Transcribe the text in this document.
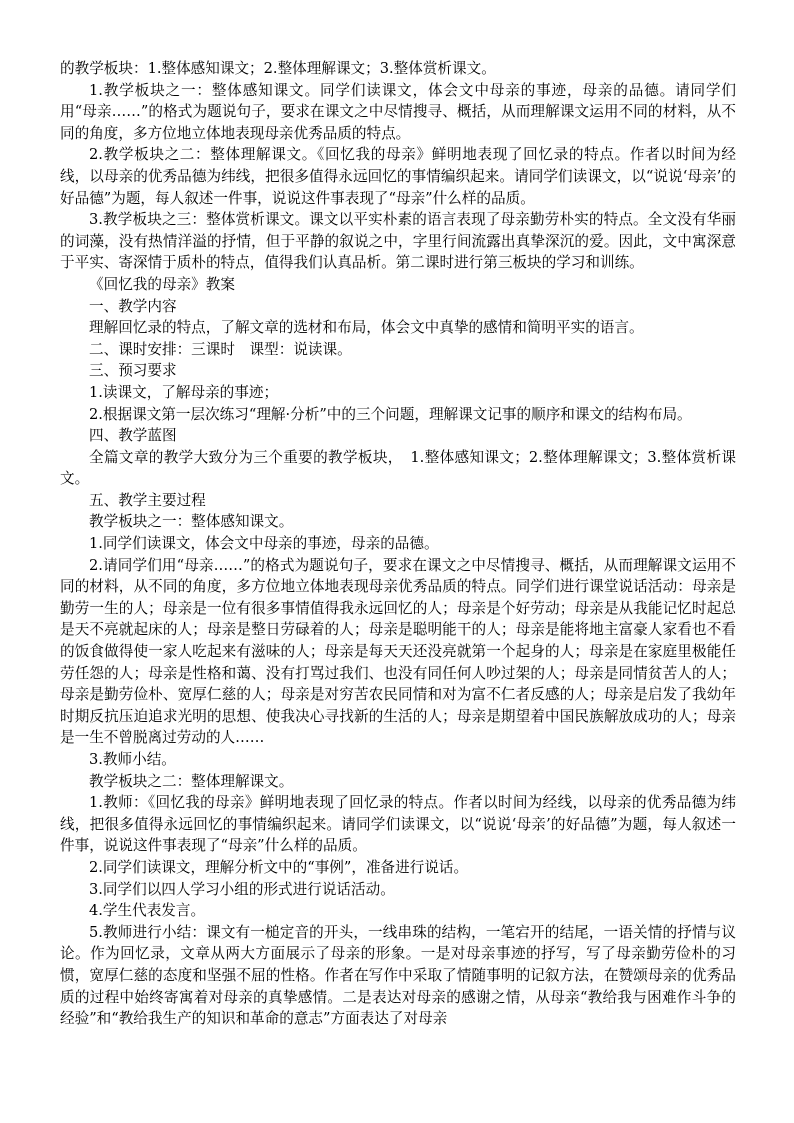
的教学板块：1.整体感知课文；2.整体理解课文；3.整体赏析课文。

1.教学板块之一：整体感知课文。同学们读课文，体会文中母亲的事迹，母亲的品德。请同学们用“母亲……”的格式为题说句子，要求在课文之中尽情搜寻、概括，从而理解课文运用不同的材料，从不同的角度，多方位地立体地表现母亲优秀品质的特点。

2.教学板块之二：整体理解课文。《回忆我的母亲》鲜明地表现了回忆录的特点。作者以时间为经线，以母亲的优秀品德为纬线，把很多值得永远回忆的事情编织起来。请同学们读课文，以“说说‘母亲’的好品德”为题，每人叙述一件事，说说这件事表现了“母亲”什么样的品质。

3.教学板块之三：整体赏析课文。课文以平实朴素的语言表现了母亲勤劳朴实的特点。全文没有华丽的词藻，没有热情洋溢的抒情，但于平静的叙说之中，字里行间流露出真挚深沉的爱。因此，文中寓深意于平实、寄深情于质朴的特点，值得我们认真品析。第二课时进行第三板块的学习和训练。

《回忆我的母亲》教案

一、教学内容

理解回忆录的特点，了解文章的选材和布局，体会文中真挚的感情和简明平实的语言。

二、课时安排：三课时　课型：说读课。

三、预习要求

1.读课文，了解母亲的事迹；

2.根据课文第一层次练习“理解·分析”中的三个问题，理解课文记事的顺序和课文的结构布局。

四、教学蓝图

全篇文章的教学大致分为三个重要的教学板块，　1.整体感知课文；2.整体理解课文；3.整体赏析课文。

五、教学主要过程

教学板块之一：整体感知课文。

1.同学们读课文，体会文中母亲的事迹，母亲的品德。

2.请同学们用“母亲……”的格式为题说句子，要求在课文之中尽情搜寻、概括，从而理解课文运用不同的材料，从不同的角度，多方位地立体地表现母亲优秀品质的特点。同学们进行课堂说话活动：母亲是勤劳一生的人；母亲是一位有很多事情值得我永远回忆的人；母亲是个好劳动；母亲是从我能记忆时起总是天不亮就起床的人；母亲是整日劳碌着的人；母亲是聪明能干的人；母亲是能将地主富豪人家看也不看的饭食做得使一家人吃起来有滋味的人；母亲是每天天还没亮就第一个起身的人；母亲是在家庭里极能任劳任怨的人；母亲是性格和蔼、没有打骂过我们、也没有同任何人吵过架的人；母亲是同情贫苦人的人；母亲是勤劳俭朴、宽厚仁慈的人；母亲是对穷苦农民同情和对为富不仁者反感的人；母亲是启发了我幼年时期反抗压迫追求光明的思想、使我决心寻找新的生活的人；母亲是期望着中国民族解放成功的人；母亲是一生不曾脱离过劳动的人……

3.教师小结。

教学板块之二：整体理解课文。

1.教师：《回忆我的母亲》鲜明地表现了回忆录的特点。作者以时间为经线，以母亲的优秀品德为纬线，把很多值得永远回忆的事情编织起来。请同学们读课文，以“说说‘母亲’的好品德”为题，每人叙述一件事，说说这件事表现了“母亲”什么样的品质。

2.同学们读课文，理解分析文中的“事例”，准备进行说话。

3.同学们以四人学习小组的形式进行说话活动。

4.学生代表发言。

5.教师进行小结：课文有一槌定音的开头，一线串珠的结构，一笔宕开的结尾，一语关情的抒情与议论。作为回忆录，文章从两大方面展示了母亲的形象。一是对母亲事迹的抒写，写了母亲勤劳俭朴的习惯，宽厚仁慈的态度和坚强不屈的性格。作者在写作中采取了情随事明的记叙方法，在赞颂母亲的优秀品质的过程中始终寄寓着对母亲的真挚感情。二是表达对母亲的感谢之情，从母亲“教给我与困难作斗争的经验”和“教给我生产的知识和革命的意志”方面表达了对母亲
